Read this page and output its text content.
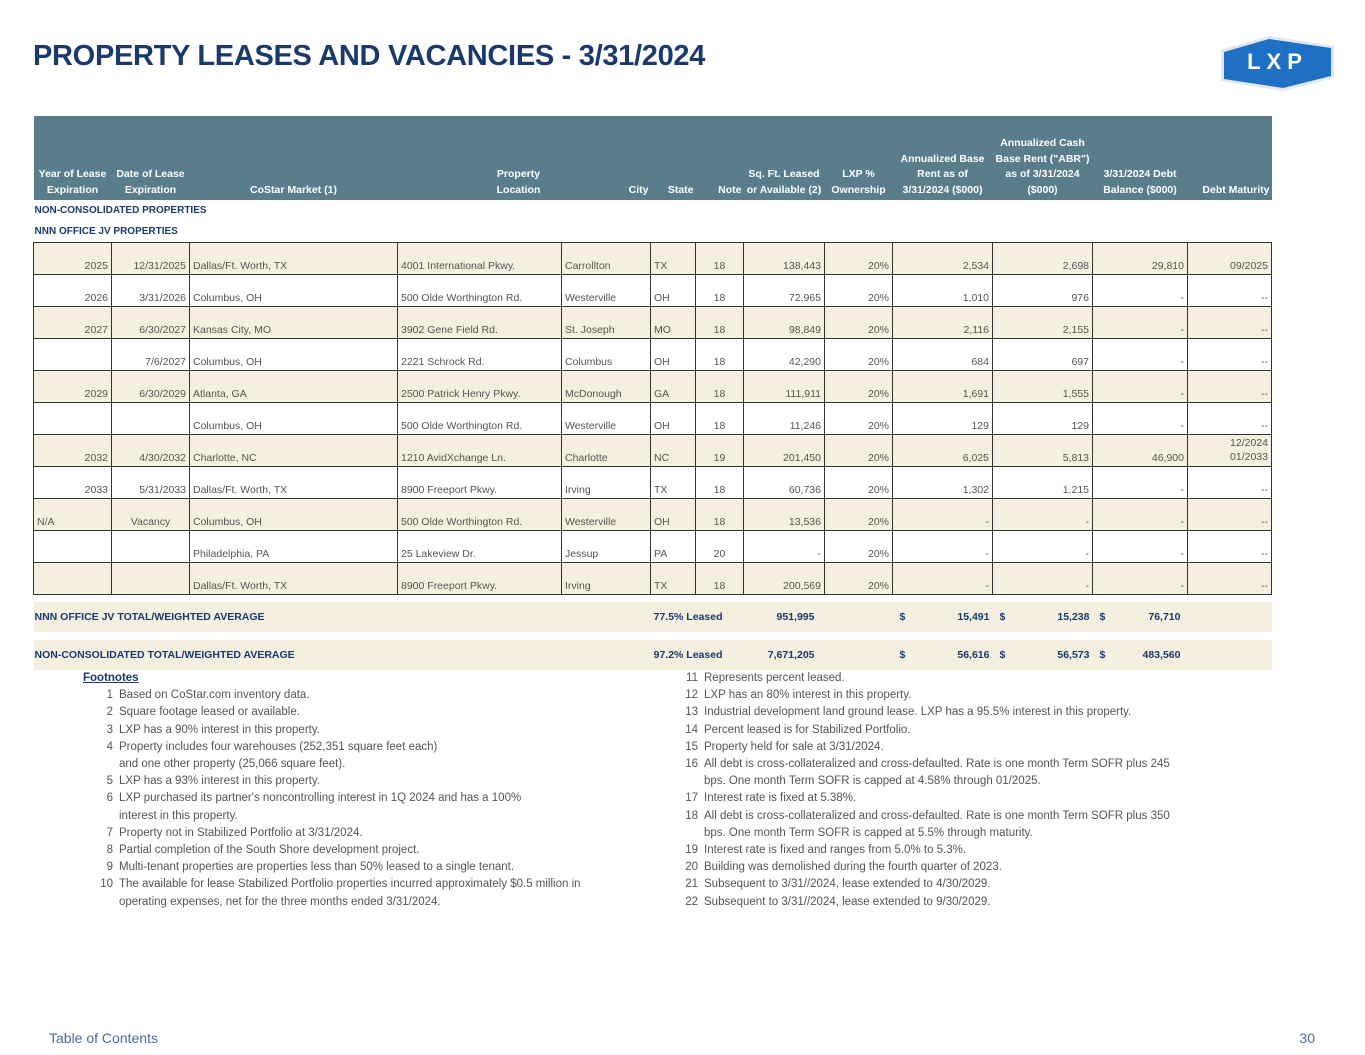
PROPERTY LEASES AND VACANCIES - 3/31/2024	LXP
Year of Lease Expiration	Date of Lease Expiration	CoStar Market (1)	Property Location	City	State	Note	Sq. Ft. Leased or Available (2)	LXP % Ownership	Annualized Base Rent as of 3/31/2024 ($000)	Annualized Cash Base Rent ("ABR") as of 3/31/2024 ($000)	3/31/2024 Debt Balance ($000)	Debt Maturity
NON-CONSOLIDATED PROPERTIES												
NNN OFFICE JV PROPERTIES												
2025	12/31/2025	Dallas/Ft. Worth, TX	4001 International Pkwy.	Carrollton	TX	18	138,443	20%	2,534	2,698	29,810	09/2025
2026	3/31/2026	Columbus, OH	500 Olde Worthington Rd.	Westerville	OH	18	72,965	20%	1,010	976	-	--
2027	6/30/2027	Kansas City, MO	3902 Gene Field Rd.	St. Joseph	MO	18	98,849	20%	2,116	2,155	-	--
	7/6/2027	Columbus, OH	2221 Schrock Rd.	Columbus	OH	18	42,290	20%	684	697	-	--
2029	6/30/2029	Atlanta, GA	2500 Patrick Henry Pkwy.	McDonough	GA	18	111,911	20%	1,691	1,555	-	--
		Columbus, OH	500 Olde Worthington Rd.	Westerville	OH	18	11,246	20%	129	129	-	--
2032	4/30/2032	Charlotte, NC	1210 AvidXchange Ln.	Charlotte	NC	19	201,450	20%	6,025	5,813	46,900	12/2024
01/2033

2033	5/31/2033	Dallas/Ft. Worth, TX	8900 Freeport Pkwy.	Irving	TX	18	60,736	20%	1,302	1,215	-	--
N/A	Vacancy	Columbus, OH	500 Olde Worthington Rd.	Westerville	OH	18	13,536	20%	-	-	-	--
		Philadelphia, PA	25 Lakeview Dr.	Jessup	PA	20	-	20%	-	-	-	--
		Dallas/Ft. Worth, TX	8900 Freeport Pkwy.	Irving	TX	18	200,569	20%	-	-	-	--

NNN OFFICE JV TOTAL/WEIGHTED AVERAGE					77.5% Leased 951,995				$ 15,491	$ 15,238	$ 76,710	

NON-CONSOLIDATED TOTAL/WEIGHTED AVERAGE					97.2% Leased 7,671,205				$ 56,616	$ 56,573	$ 483,560	

Footnotes
1 Based on CoStar.com inventory data.
2 Square footage leased or available.
3 LXP has a 90% interest in this property.
4 Property includes four warehouses (252,351 square feet each)
and one other property (25,066 square feet).
5 LXP has a 93% interest in this property.
6 LXP purchased its partner's noncontrolling interest in 1Q 2024 and has a 100%
interest in this property.
7 Property not in Stabilized Portfolio at 3/31/2024.
8 Partial completion of the South Shore development project.
9 Multi-tenant properties are properties less than 50% leased to a single tenant.
10 The available for lease Stabilized Portfolio properties incurred approximately $0.5 million in
operating expenses, net for the three months ended 3/31/2024.
11 Represents percent leased.
12 LXP has an 80% interest in this property.
13 Industrial development land ground lease. LXP has a 95.5% interest in this property.
14 Percent leased is for Stabilized Portfolio.
15 Property held for sale at 3/31/2024.
16 All debt is cross-collateralized and cross-defaulted. Rate is one month Term SOFR plus 245
bps. One month Term SOFR is capped at 4.58% through 01/2025.
17 Interest rate is fixed at 5.38%.
18 All debt is cross-collateralized and cross-defaulted. Rate is one month Term SOFR plus 350
bps. One month Term SOFR is capped at 5.5% through maturity.
19 Interest rate is fixed and ranges from 5.0% to 5.3%.
20 Building was demolished during the fourth quarter of 2023.
21 Subsequent to 3/31//2024, lease extended to 4/30/2029.
22 Subsequent to 3/31//2024, lease extended to 9/30/2029.
Table of Contents	30
